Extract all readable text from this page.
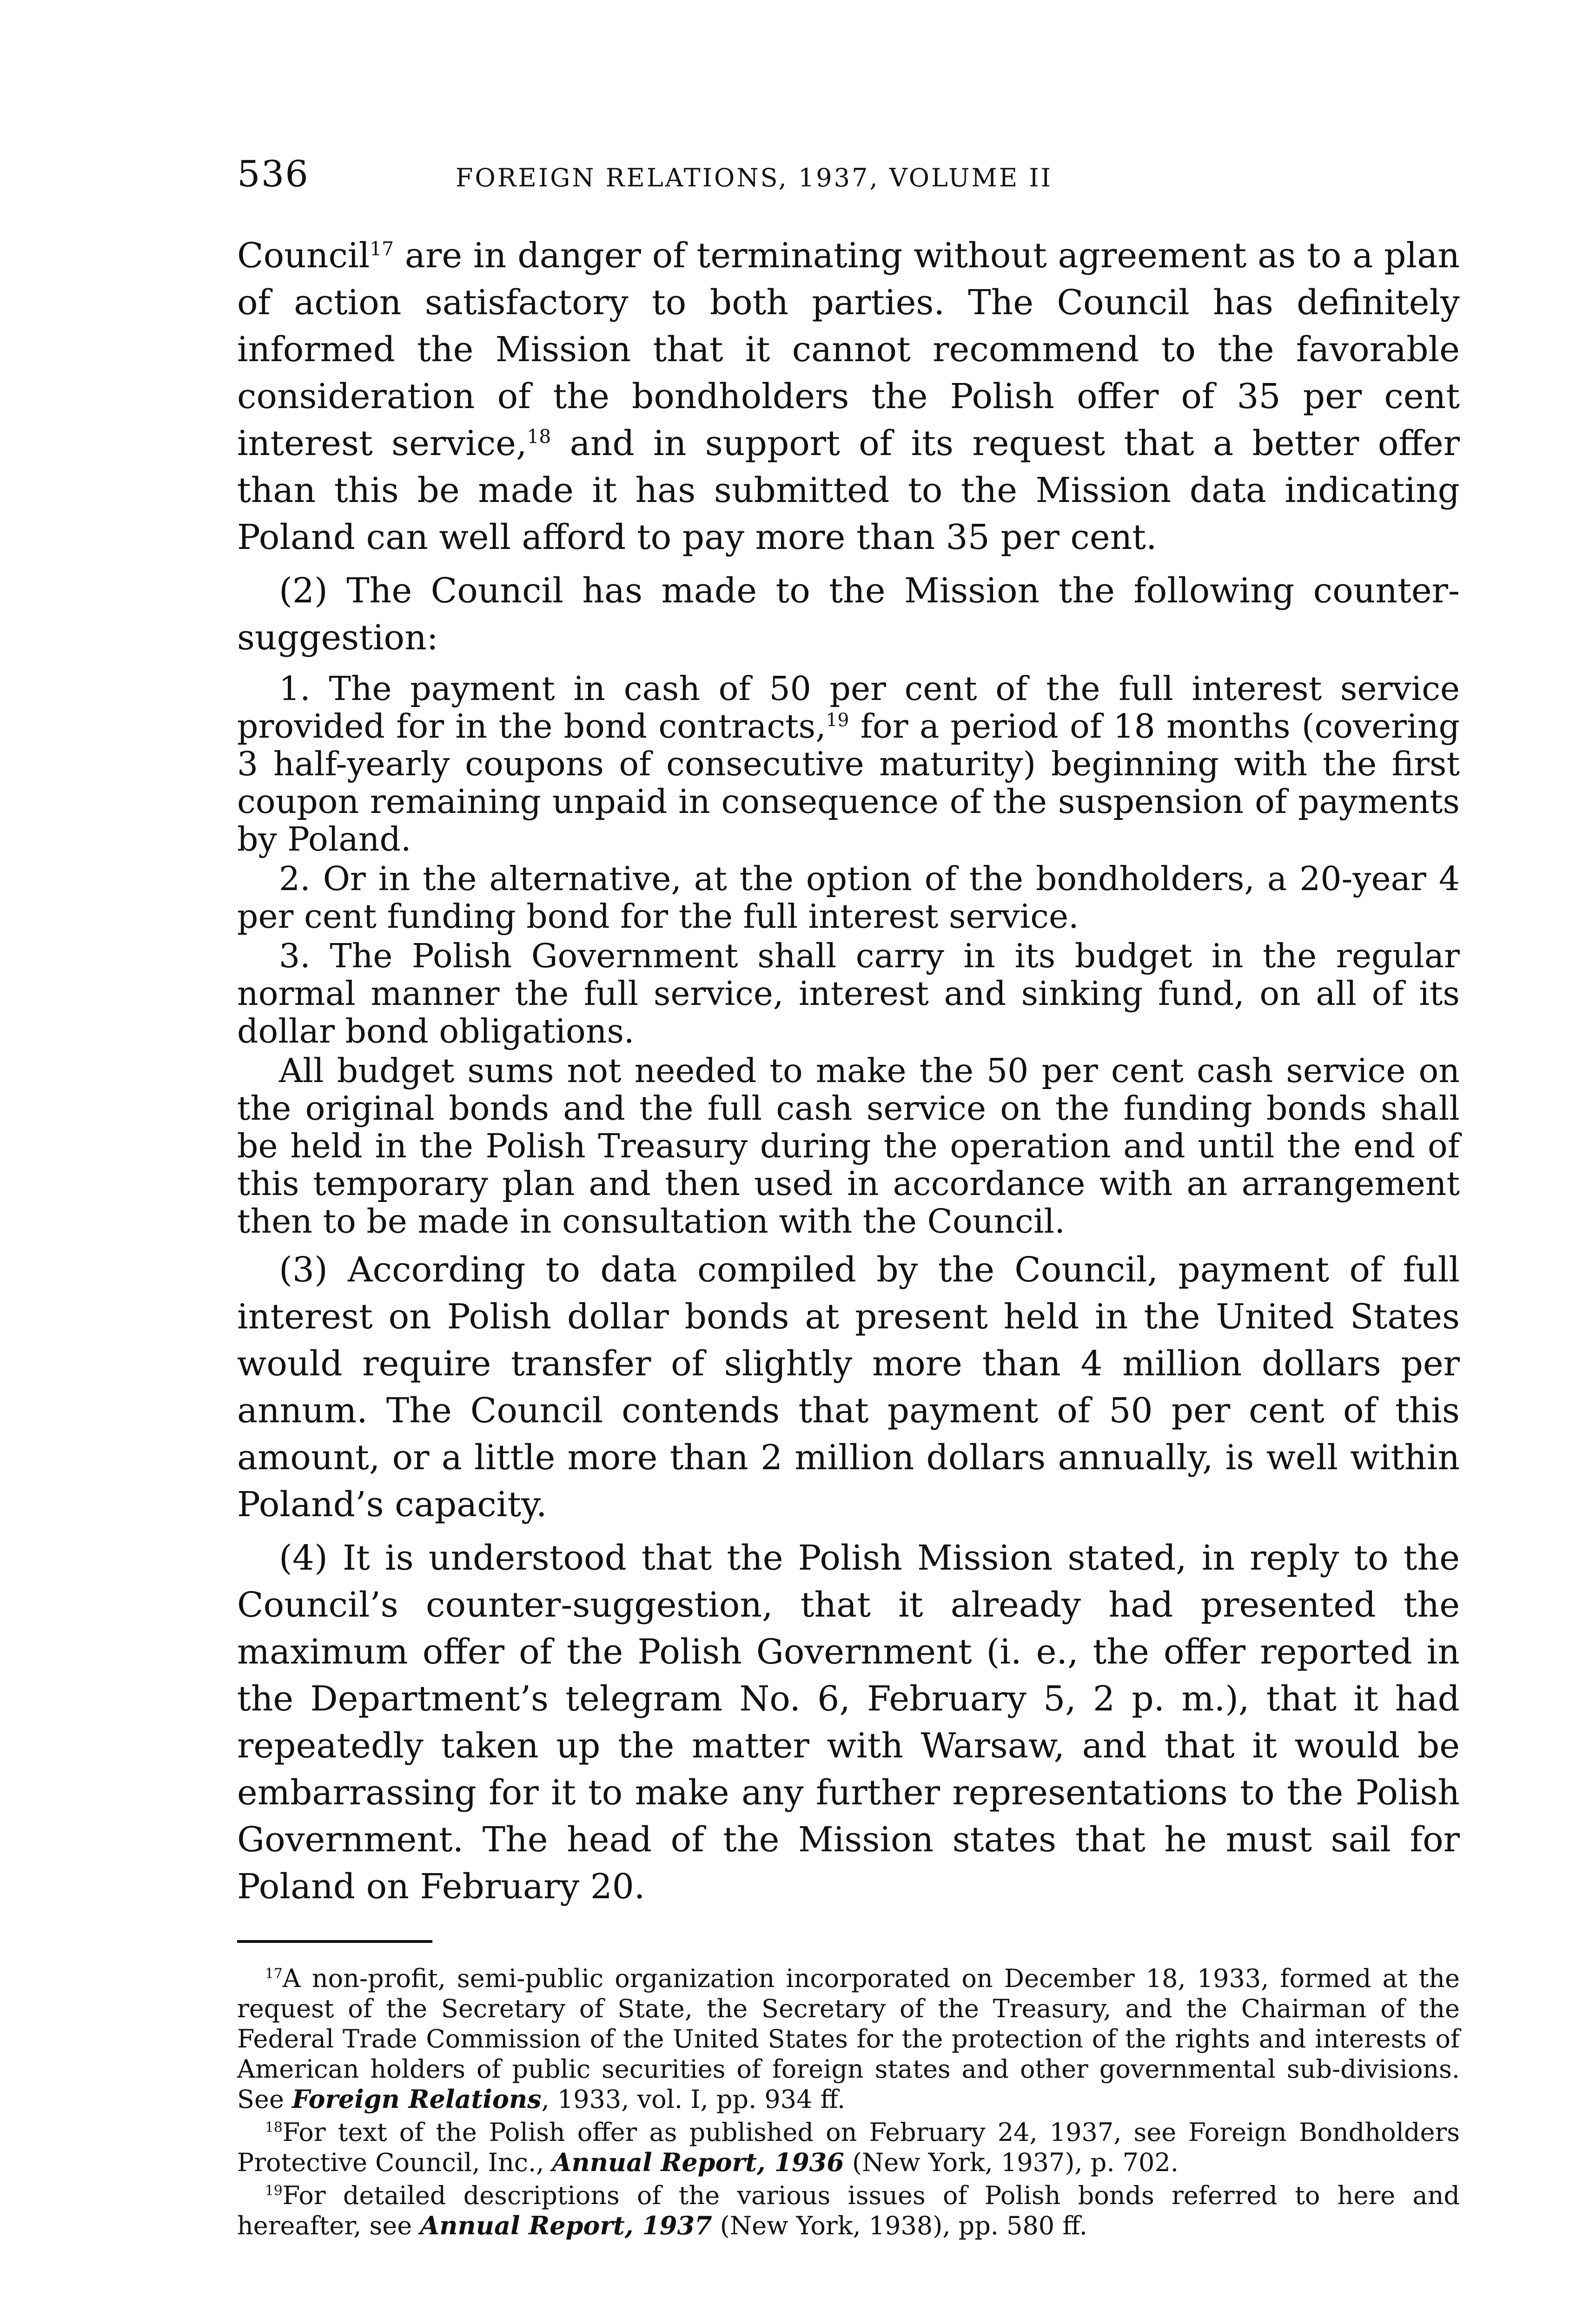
536	FOREIGN RELATIONS, 1937, VOLUME II

Council$^{17}$ are in danger of terminating without agreement as to a plan of action satisfactory to both parties. The Council has definitely informed the Mission that it cannot recommend to the favorable consideration of the bondholders the Polish offer of 35 per cent interest service,$^{18}$ and in support of its request that a better offer than this be made it has submitted to the Mission data indicating Poland can well afford to pay more than 35 per cent.

(2) The Council has made to the Mission the following counter-suggestion:

1. The payment in cash of 50 per cent of the full interest service provided for in the bond contracts,$^{19}$ for a period of 18 months (covering 3 half-yearly coupons of consecutive maturity) beginning with the first coupon remaining unpaid in consequence of the suspension of payments by Poland.

2. Or in the alternative, at the option of the bondholders, a 20-year 4 per cent funding bond for the full interest service.

3. The Polish Government shall carry in its budget in the regular normal manner the full service, interest and sinking fund, on all of its dollar bond obligations.

All budget sums not needed to make the 50 per cent cash service on the original bonds and the full cash service on the funding bonds shall be held in the Polish Treasury during the operation and until the end of this temporary plan and then used in accordance with an arrangement then to be made in consultation with the Council.

(3) According to data compiled by the Council, payment of full interest on Polish dollar bonds at present held in the United States would require transfer of slightly more than 4 million dollars per annum. The Council contends that payment of 50 per cent of this amount, or a little more than 2 million dollars annually, is well within Poland’s capacity.

(4) It is understood that the Polish Mission stated, in reply to the Council’s counter-suggestion, that it already had presented the maximum offer of the Polish Government (i. e., the offer reported in the Department’s telegram No. 6, February 5, 2 p. m.), that it had repeatedly taken up the matter with Warsaw, and that it would be embarrassing for it to make any further representations to the Polish Government. The head of the Mission states that he must sail for Poland on February 20.

$^{17}$A non-profit, semi-public organization incorporated on December 18, 1933, formed at the request of the Secretary of State, the Secretary of the Treasury, and the Chairman of the Federal Trade Commission of the United States for the protection of the rights and interests of American holders of public securities of foreign states and other governmental sub-divisions. See Foreign Relations, 1933, vol. I, pp. 934 ff.

$^{18}$For text of the Polish offer as published on February 24, 1937, see Foreign Bondholders Protective Council, Inc., Annual Report, 1936 (New York, 1937), p. 702.

$^{19}$For detailed descriptions of the various issues of Polish bonds referred to here and hereafter, see Annual Report, 1937 (New York, 1938), pp. 580 ff.
